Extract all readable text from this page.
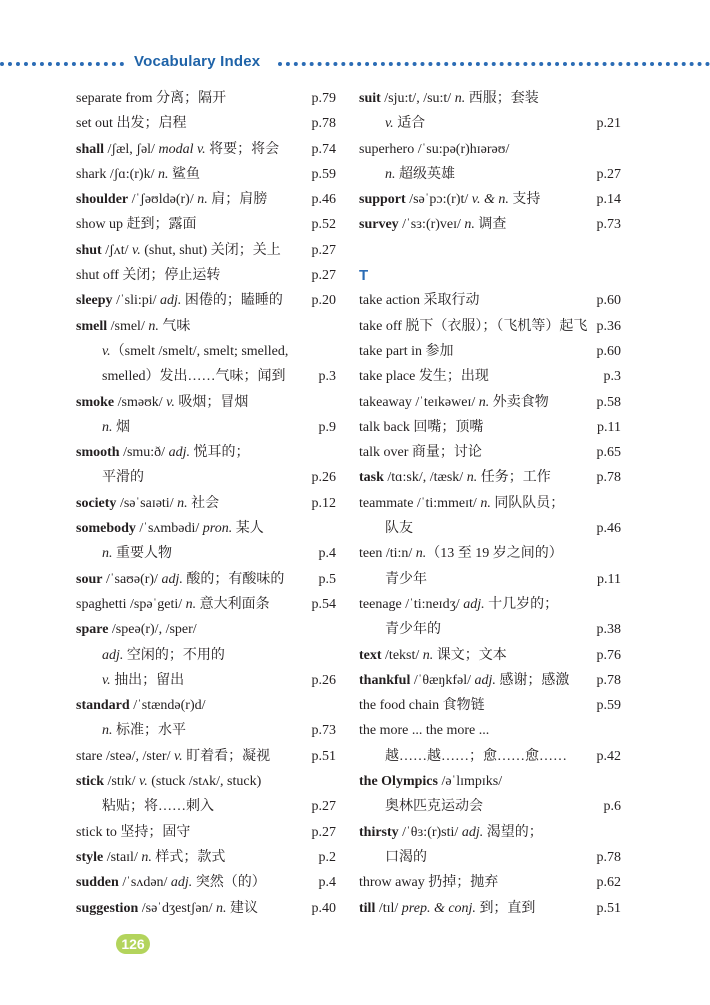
Vocabulary Index
separate from 分离；隔开	p.79
set out 出发；启程	p.78
shall /ʃæl, ʃəl/ modal v. 将要；将会 p.74
shark /ʃɑ:(r)k/ n. 鲨鱼	p.59
shoulder /ˈʃəʊldə(r)/ n. 肩；肩膀	p.46
show up 赶到；露面	p.52
shut /ʃʌt/ v. (shut, shut) 关闭；关上 p.27
shut off 关闭；停止运转	p.27
sleepy /ˈsli:pi/ adj. 困倦的；瞌睡的 p.20
smell /smel/ n. 气味
v.（smelt /smelt/, smelt; smelled,
smelled）发出……气味；闻到 p.3
smoke /sməʊk/ v. 吸烟；冒烟
n. 烟	p.9
smooth /smu:ð/ adj. 悦耳的；
平滑的	p.26
society /səˈsaɪəti/ n. 社会	p.12
somebody /ˈsʌmbədi/ pron. 某人
n. 重要人物	p.4
sour /ˈsaʊə(r)/ adj. 酸的；有酸味的 p.5
spaghetti /spəˈgeti/ n. 意大利面条	p.54
spare /speə(r)/, /sper/
adj. 空闲的；不用的
v. 抽出；留出	p.26
standard /ˈstændə(r)d/
n. 标准；水平	p.73
stare /steə/, /ster/ v. 盯着看；凝视	p.51
stick /stɪk/ v. (stuck /stʌk/, stuck)
粘贴；将……刺入	p.27
stick to 坚持；固守	p.27
style /staɪl/ n. 样式；款式	p.2
sudden /ˈsʌdən/ adj. 突然（的）	p.4
suggestion /səˈdʒestʃən/ n. 建议	p.40
suit /sju:t/, /su:t/ n. 西服；套装
v. 适合	p.21
superhero /ˈsu:pə(r)hɪərəʊ/
n. 超级英雄	p.27
support /səˈpɔ:(r)t/ v. & n. 支持	p.14
survey /ˈsɜ:(r)veɪ/ n. 调查	p.73
T
take action 采取行动	p.60
take off 脱下（衣服）；（飞机等）起飞 p.36
take part in 参加	p.60
take place 发生；出现	p.3
takeaway /ˈteɪkəweɪ/ n. 外卖食物	p.58
talk back 回嘴；顶嘴	p.11
talk over 商量；讨论	p.65
task /tɑ:sk/, /tæsk/ n. 任务；工作	p.78
teammate /ˈti:mmeɪt/ n. 同队队员；
队友	p.46
teen /ti:n/ n.（13 至 19 岁之间的）
青少年	p.11
teenage /ˈti:neɪdʒ/ adj. 十几岁的；
青少年的	p.38
text /tekst/ n. 课文；文本	p.76
thankful /ˈθæŋkfəl/ adj. 感谢；感激 p.78
the food chain 食物链	p.59
the more ... the more ...
越……越……；愈……愈…… p.42
the Olympics /əˈlɪmpɪks/
奥林匹克运动会	p.6
thirsty /ˈθɜ:(r)sti/ adj. 渴望的；
口渴的	p.78
throw away 扔掉；抛弃	p.62
till /tɪl/ prep. & conj. 到；直到	p.51
126
